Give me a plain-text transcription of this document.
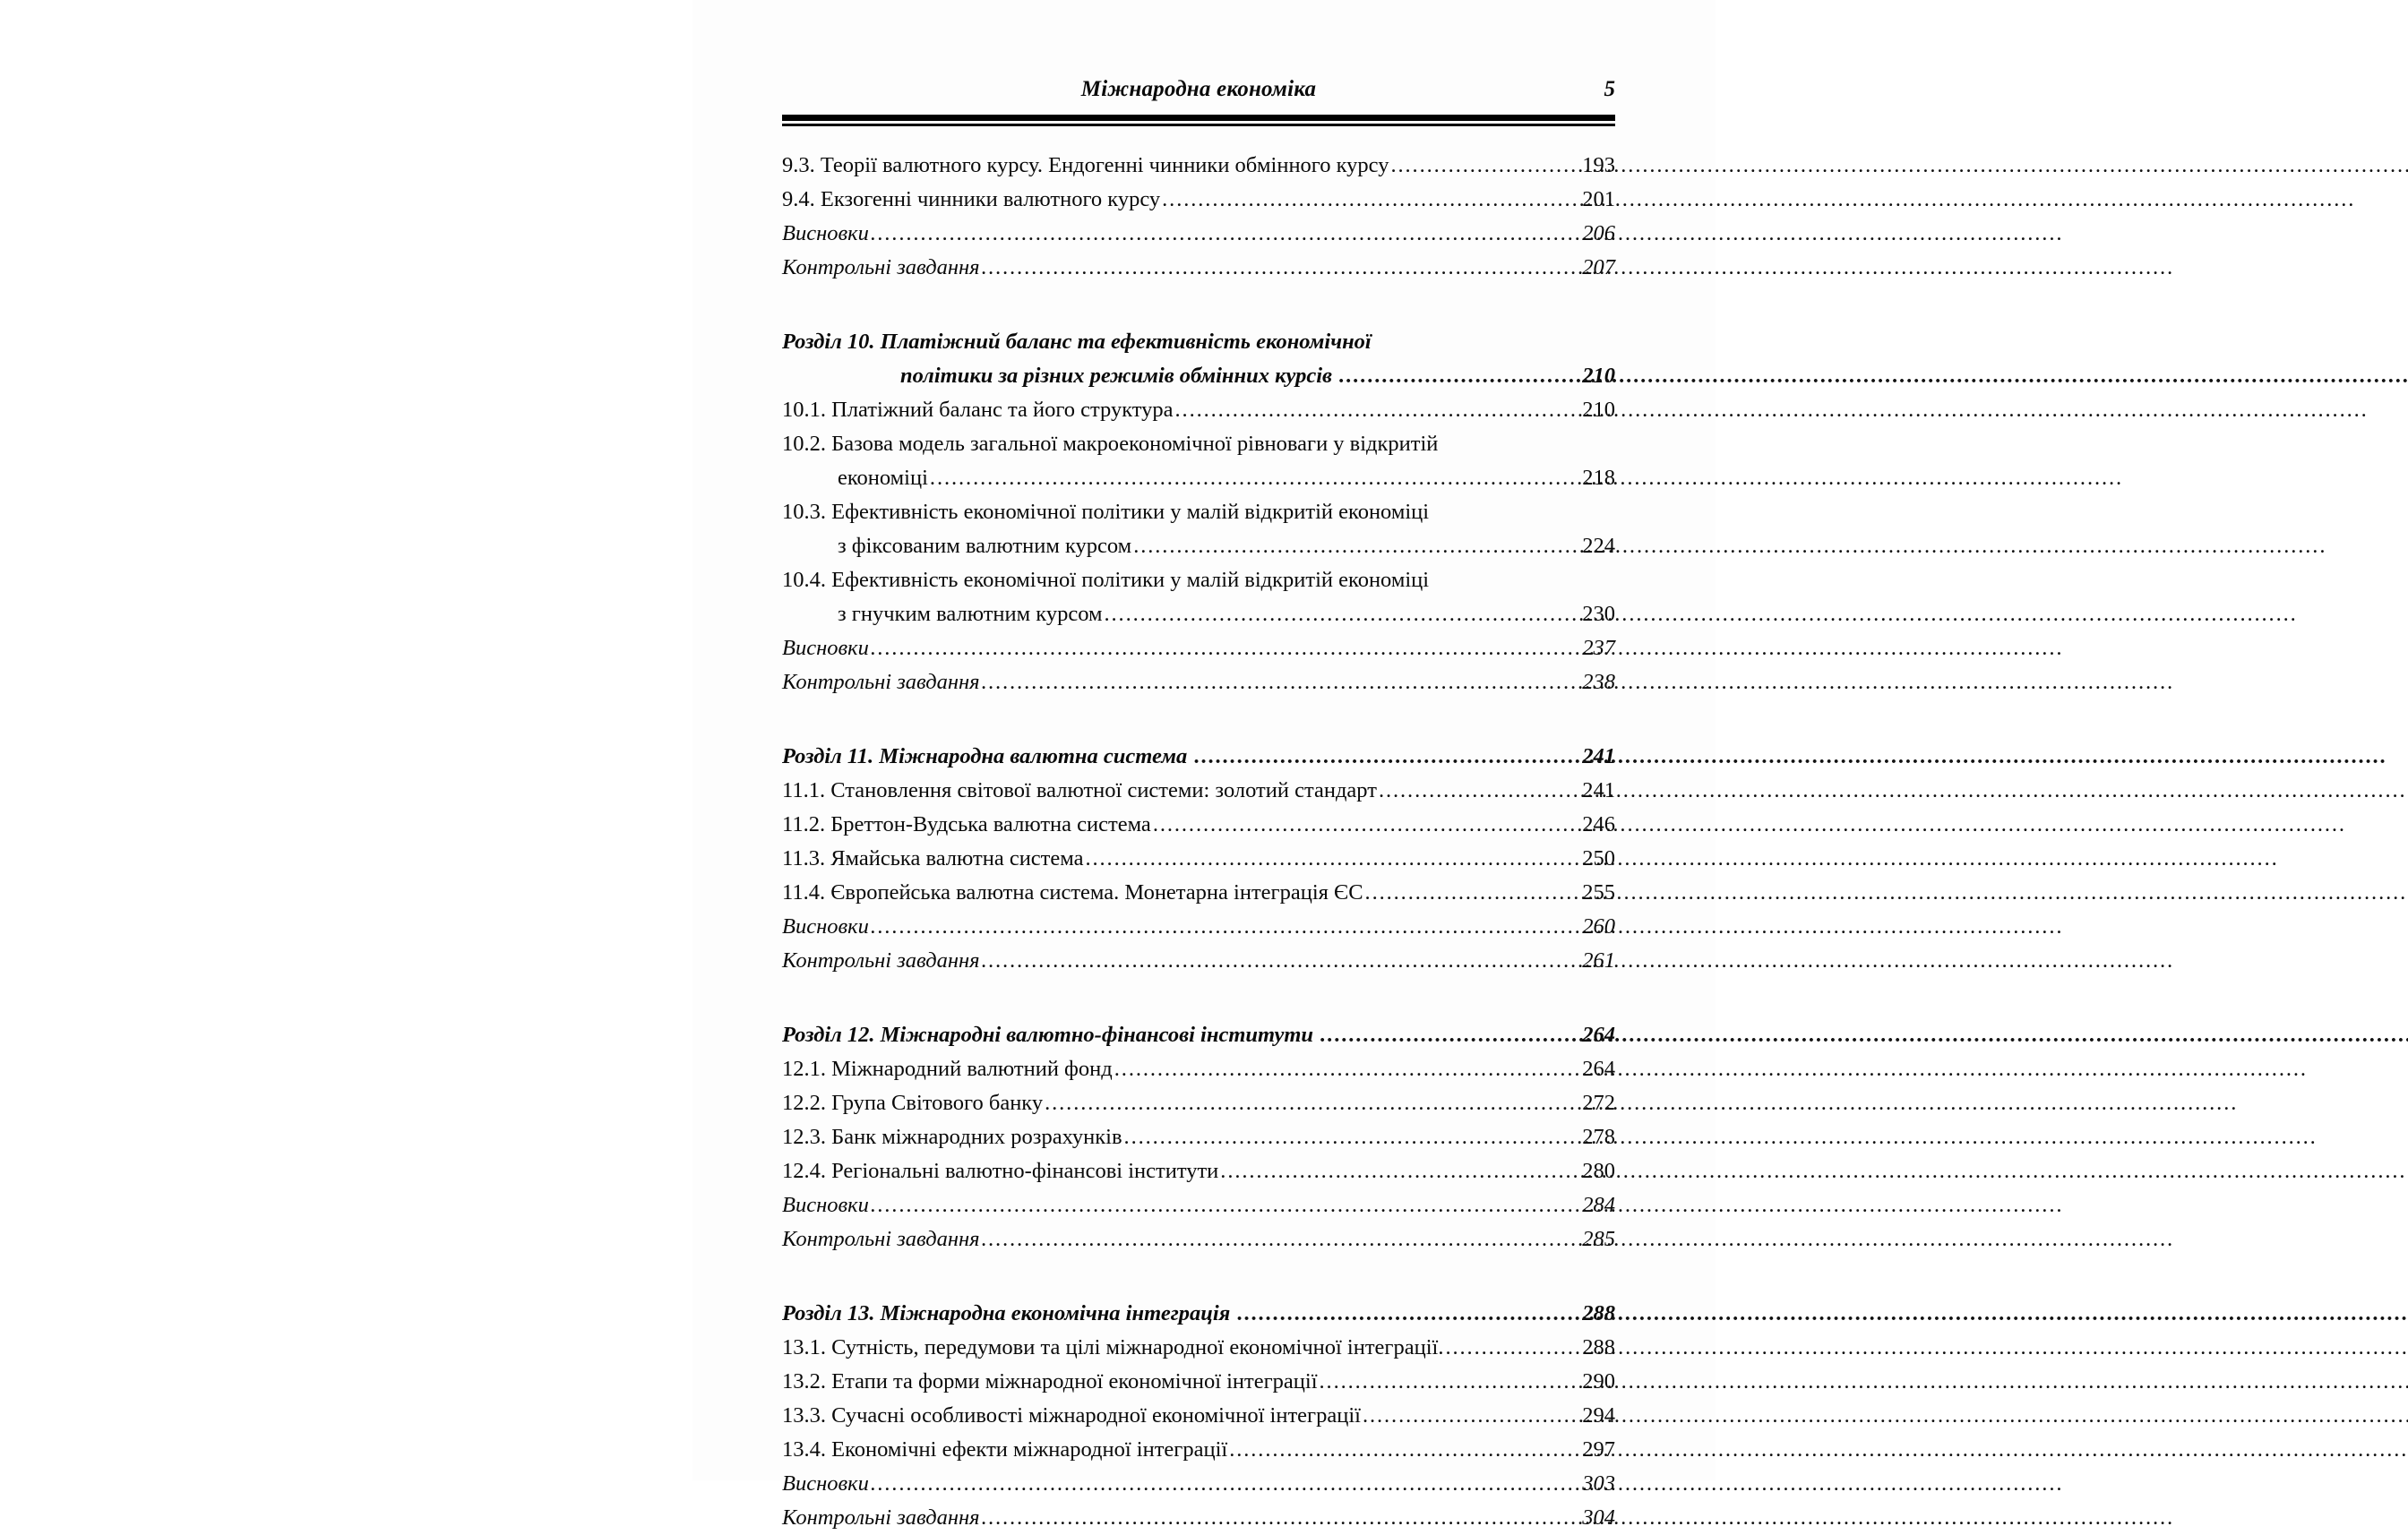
Міжнародна економіка	5
9.3. Теорії валютного курсу. Ендогенні чинники обмінного курсу .....	193
9.4. Екзогенні чинники валютного курсу .....	201
Висновки .....	206
Контрольні завдання .....	207
Розділ 10. Платіжний баланс та ефективність економічної
політики за різних режимів обмінних курсів .....	210
10.1. Платіжний баланс та його структура .....	210
10.2. Базова модель загальної макроекономічної рівноваги у відкритій
економіці .....	218
10.3. Ефективність економічної політики у малій відкритій економіці
з фіксованим валютним курсом .....	224
10.4. Ефективність економічної політики у малій відкритій економіці
з гнучким валютним курсом .....	230
Висновки .....	237
Контрольні завдання .....	238
Розділ 11. Міжнародна валютна система .....	241
11.1. Становлення світової валютної системи: золотий стандарт .....	241
11.2. Бреттон-Вудська валютна система .....	246
11.3. Ямайська валютна система .....	250
11.4. Європейська валютна система. Монетарна інтеграція ЄС .....	255
Висновки .....	260
Контрольні завдання .....	261
Розділ 12. Міжнародні валютно-фінансові інститути .....	264
12.1. Міжнародний валютний фонд .....	264
12.2. Група Світового банку .....	272
12.3. Банк міжнародних розрахунків .....	278
12.4. Регіональні валютно-фінансові інститути .....	280
Висновки .....	284
Контрольні завдання .....	285
Розділ 13. Міжнародна економічна інтеграція .....	288
13.1. Сутність, передумови та цілі міжнародної економічної інтеграції. .....	288
13.2. Етапи та форми міжнародної економічної інтеграції .....	290
13.3. Сучасні особливості міжнародної економічної інтеграції .....	294
13.4. Економічні ефекти міжнародної інтеграції .....	297
Висновки .....	303
Контрольні завдання .....	304
